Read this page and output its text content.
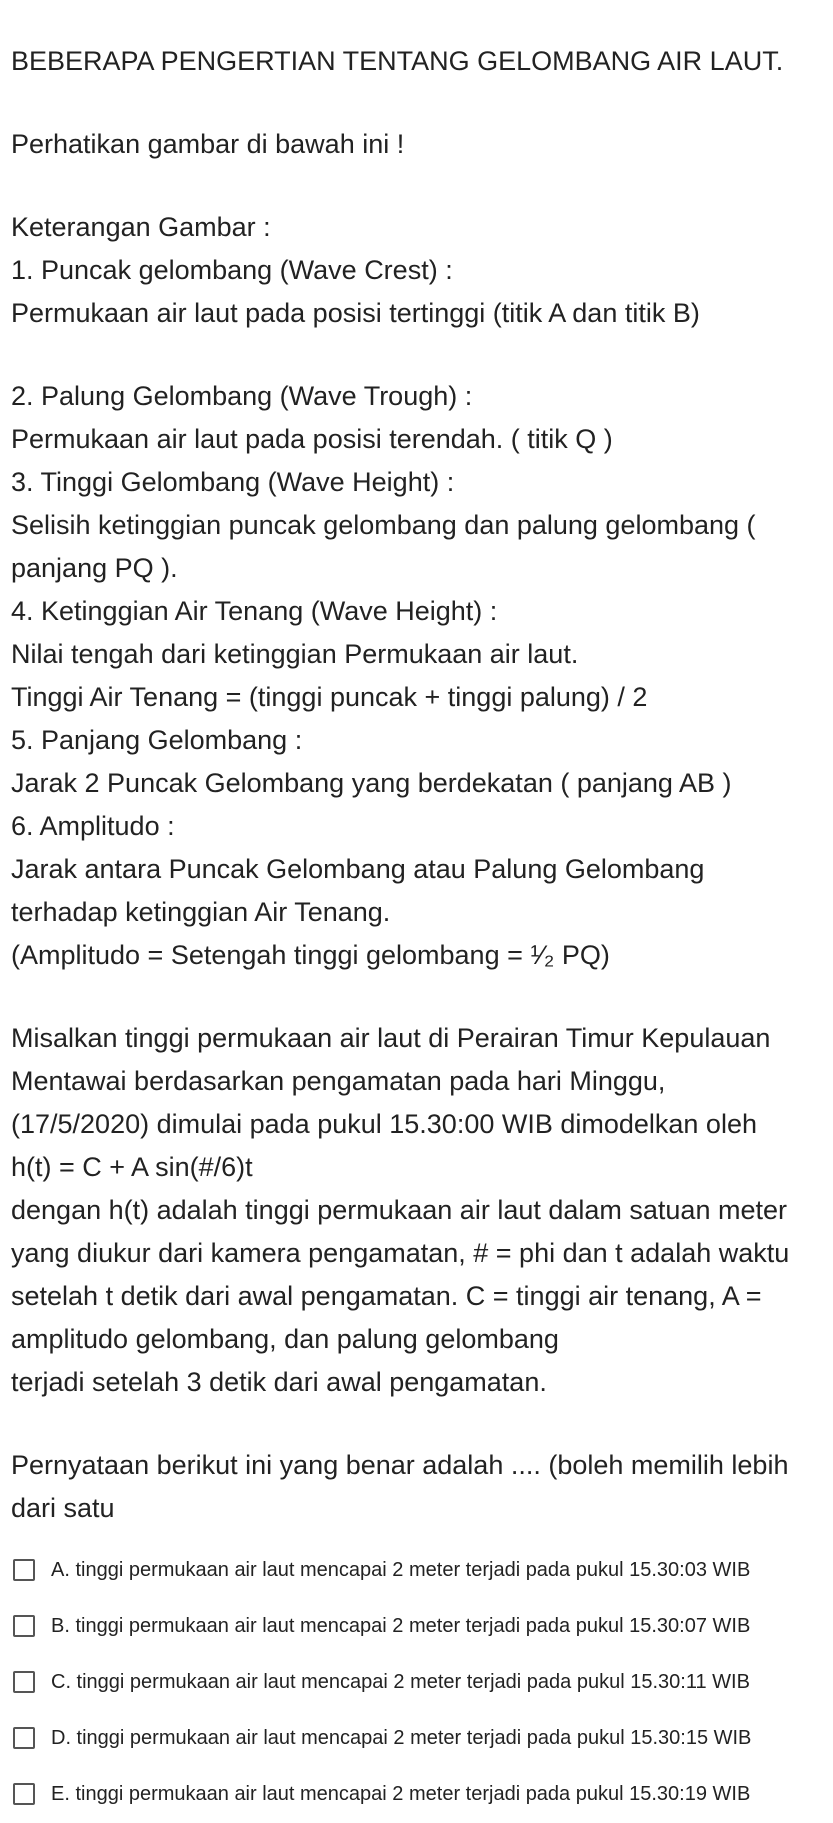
BEBERAPA PENGERTIAN TENTANG GELOMBANG AIR LAUT.

Perhatikan gambar di bawah ini !

Keterangan Gambar :

1. Puncak gelombang (Wave Crest) :

Permukaan air laut pada posisi tertinggi (titik A dan titik B)

2. Palung Gelombang (Wave Trough) :

Permukaan air laut pada posisi terendah. ( titik Q )

3. Tinggi Gelombang (Wave Height) :

Selisih ketinggian puncak gelombang dan palung gelombang (

panjang PQ ).

4. Ketinggian Air Tenang (Wave Height) :

Nilai tengah dari ketinggian Permukaan air laut.

Tinggi Air Tenang = (tinggi puncak + tinggi palung) / 2

5. Panjang Gelombang :

Jarak 2 Puncak Gelombang yang berdekatan ( panjang AB )

6. Amplitudo :

Jarak antara Puncak Gelombang atau Palung Gelombang

terhadap ketinggian Air Tenang.

(Amplitudo = Setengah tinggi gelombang = ¹⁄₂ PQ)

Misalkan tinggi permukaan air laut di Perairan Timur Kepulauan

Mentawai berdasarkan pengamatan pada hari Minggu,

(17/5/2020) dimulai pada pukul 15.30:00 WIB dimodelkan oleh

h(t) = C + A sin(#/6)t

dengan h(t) adalah tinggi permukaan air laut dalam satuan meter

yang diukur dari kamera pengamatan, # = phi dan t adalah waktu

setelah t detik dari awal pengamatan. C = tinggi air tenang, A =

amplitudo gelombang, dan palung gelombang

terjadi setelah 3 detik dari awal pengamatan.

Pernyataan berikut ini yang benar adalah .... (boleh memilih lebih

dari satu

A. tinggi permukaan air laut mencapai 2 meter terjadi pada pukul 15.30:03 WIB
B. tinggi permukaan air laut mencapai 2 meter terjadi pada pukul 15.30:07 WIB
C. tinggi permukaan air laut mencapai 2 meter terjadi pada pukul 15.30:11 WIB
D. tinggi permukaan air laut mencapai 2 meter terjadi pada pukul 15.30:15 WIB
E. tinggi permukaan air laut mencapai 2 meter terjadi pada pukul 15.30:19 WIB
